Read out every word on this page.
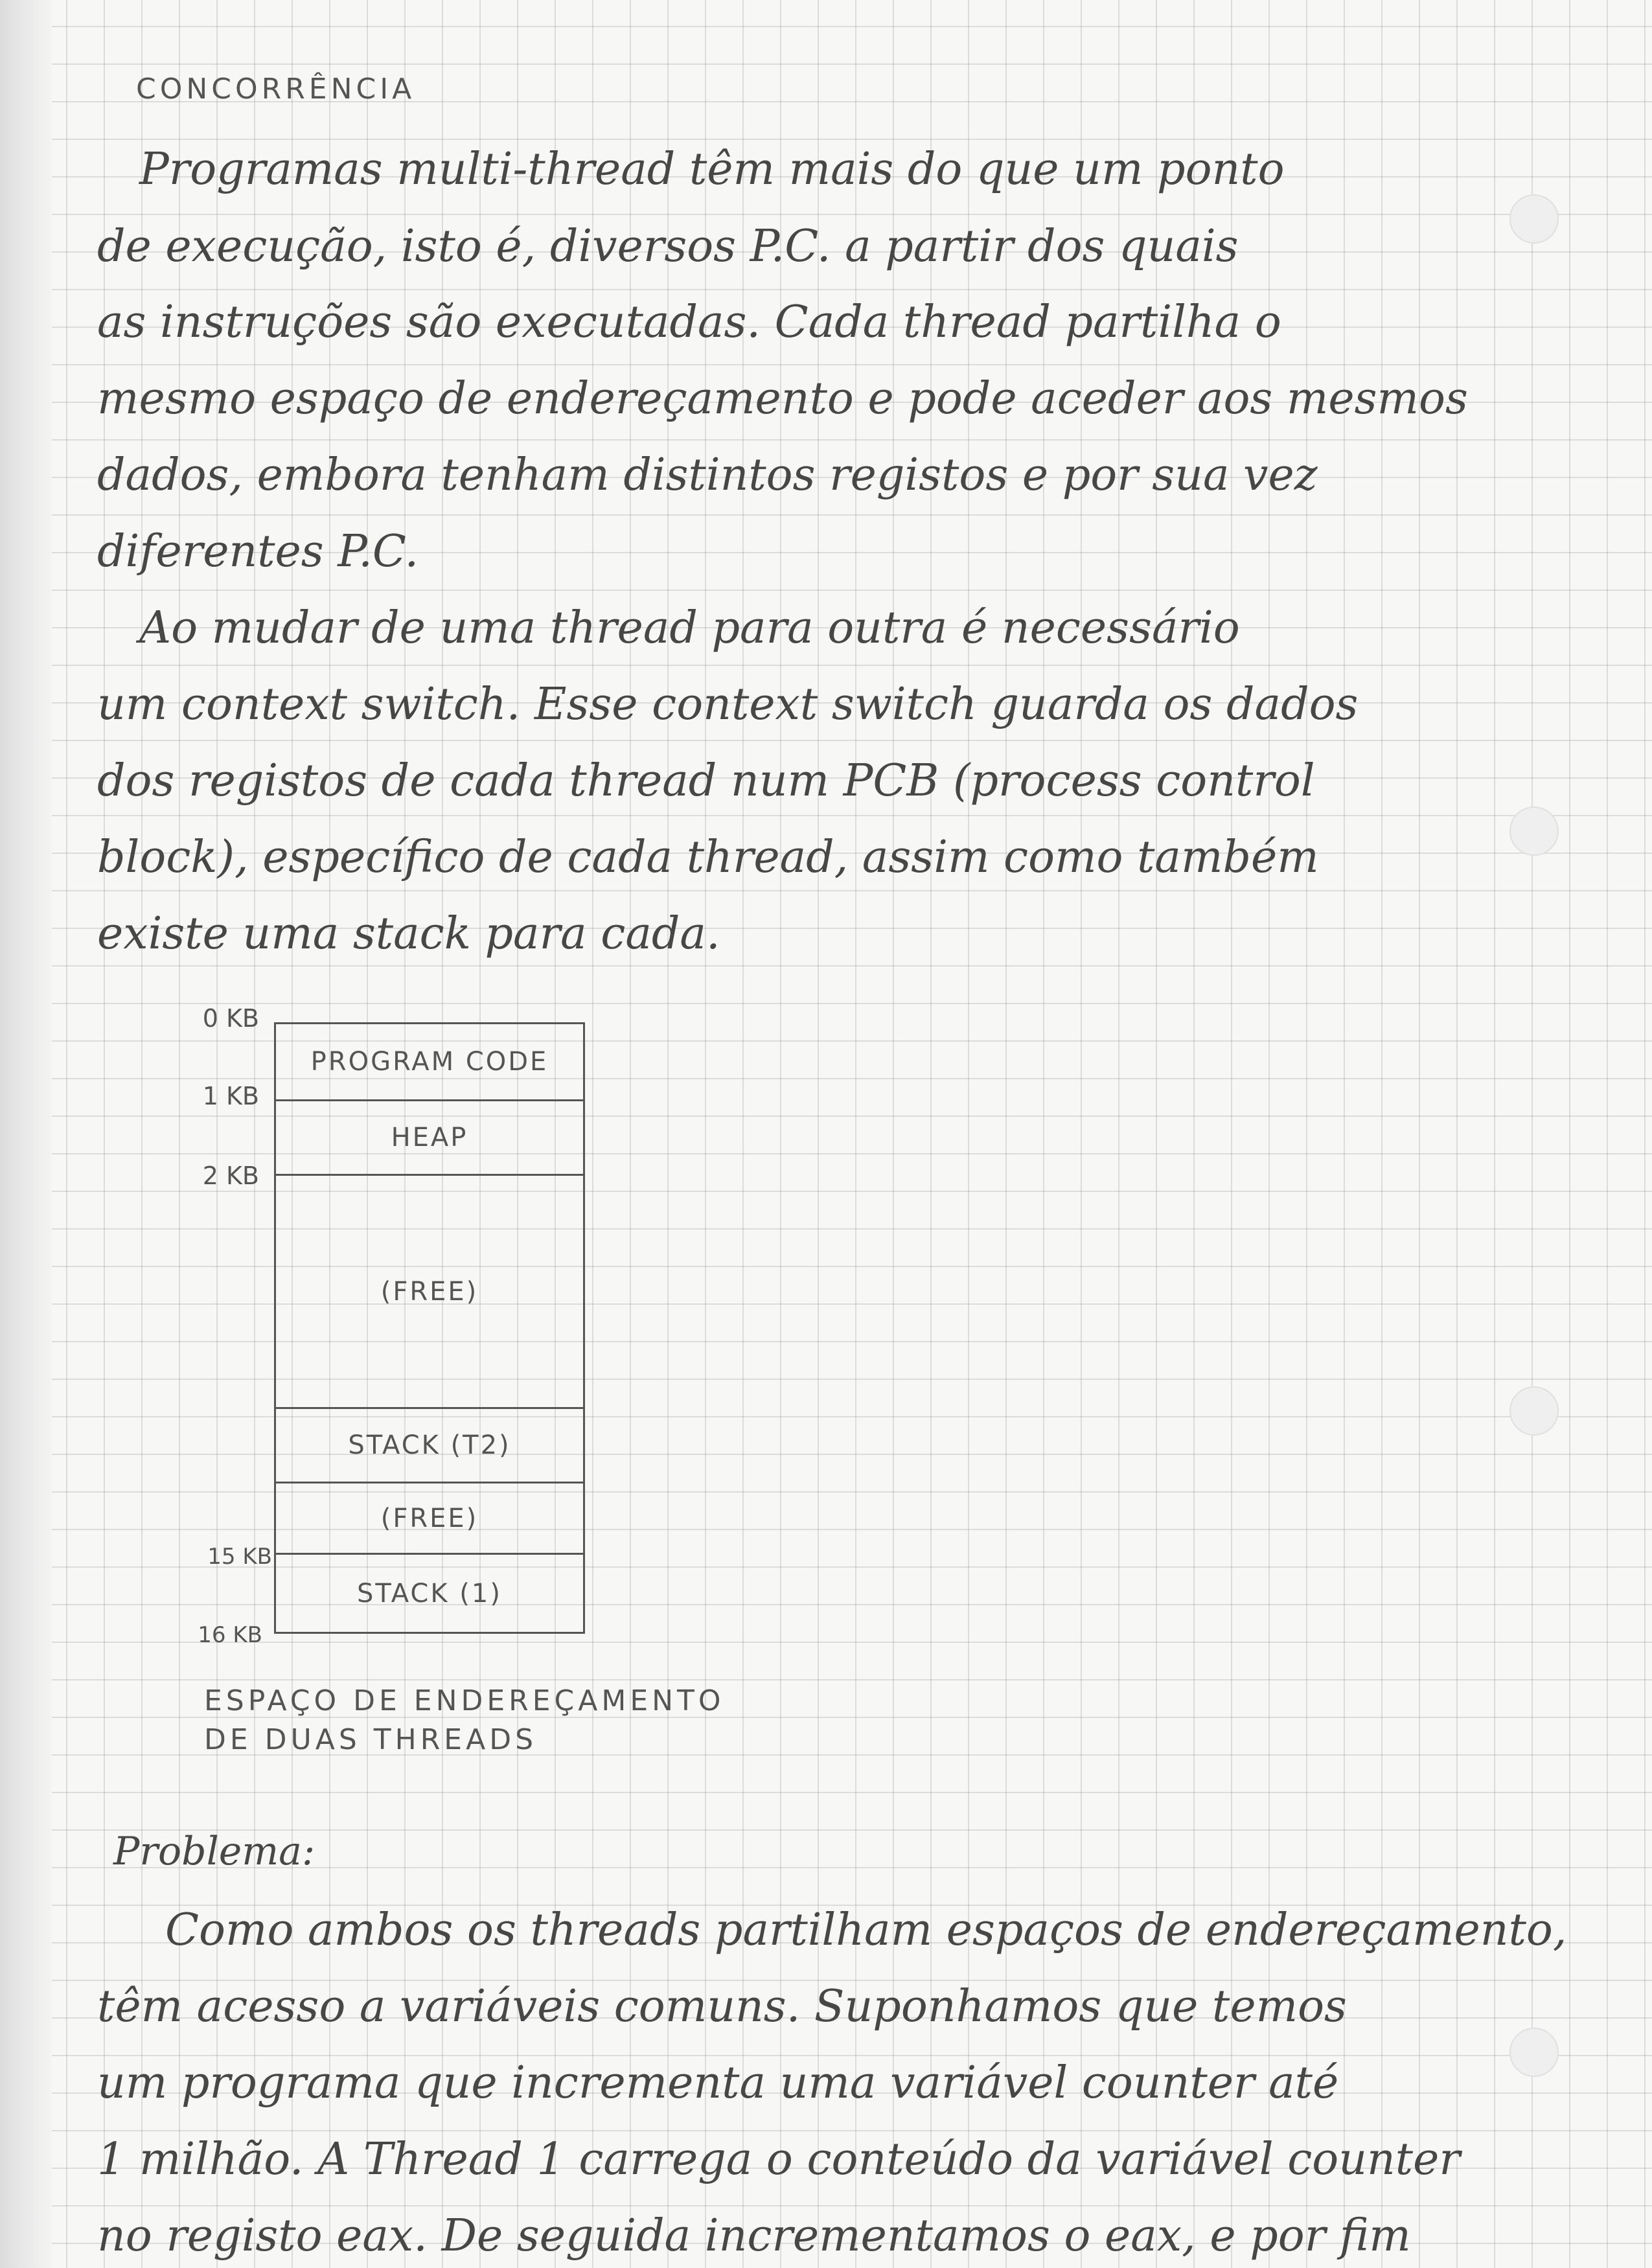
CONCORRÊNCIA
Programas multi-thread têm mais do que um ponto
de execução, isto é, diversos P.C. a partir dos quais
as instruções são executadas. Cada thread partilha o
mesmo espaço de endereçamento e pode aceder aos mesmos
dados, embora tenham distintos registos e por sua vez
diferentes P.C.
Ao mudar de uma thread para outra é necessário
um context switch. Esse context switch guarda os dados
dos registos de cada thread num PCB (process control
block), específico de cada thread, assim como também
existe uma stack para cada.
0 KB
1 KB
2 KB
15 KB
16 KB
PROGRAM CODE
HEAP
(FREE)
STACK (T2)
(FREE)
STACK (1)
ESPAÇO DE ENDEREÇAMENTO
DE DUAS THREADS
Problema:
Como ambos os threads partilham espaços de endereçamento,
têm acesso a variáveis comuns. Suponhamos que temos
um programa que incrementa uma variável counter até
1 milhão. A Thread 1 carrega o conteúdo da variável counter
no registo eax. De seguida incrementamos o eax, e por fim
